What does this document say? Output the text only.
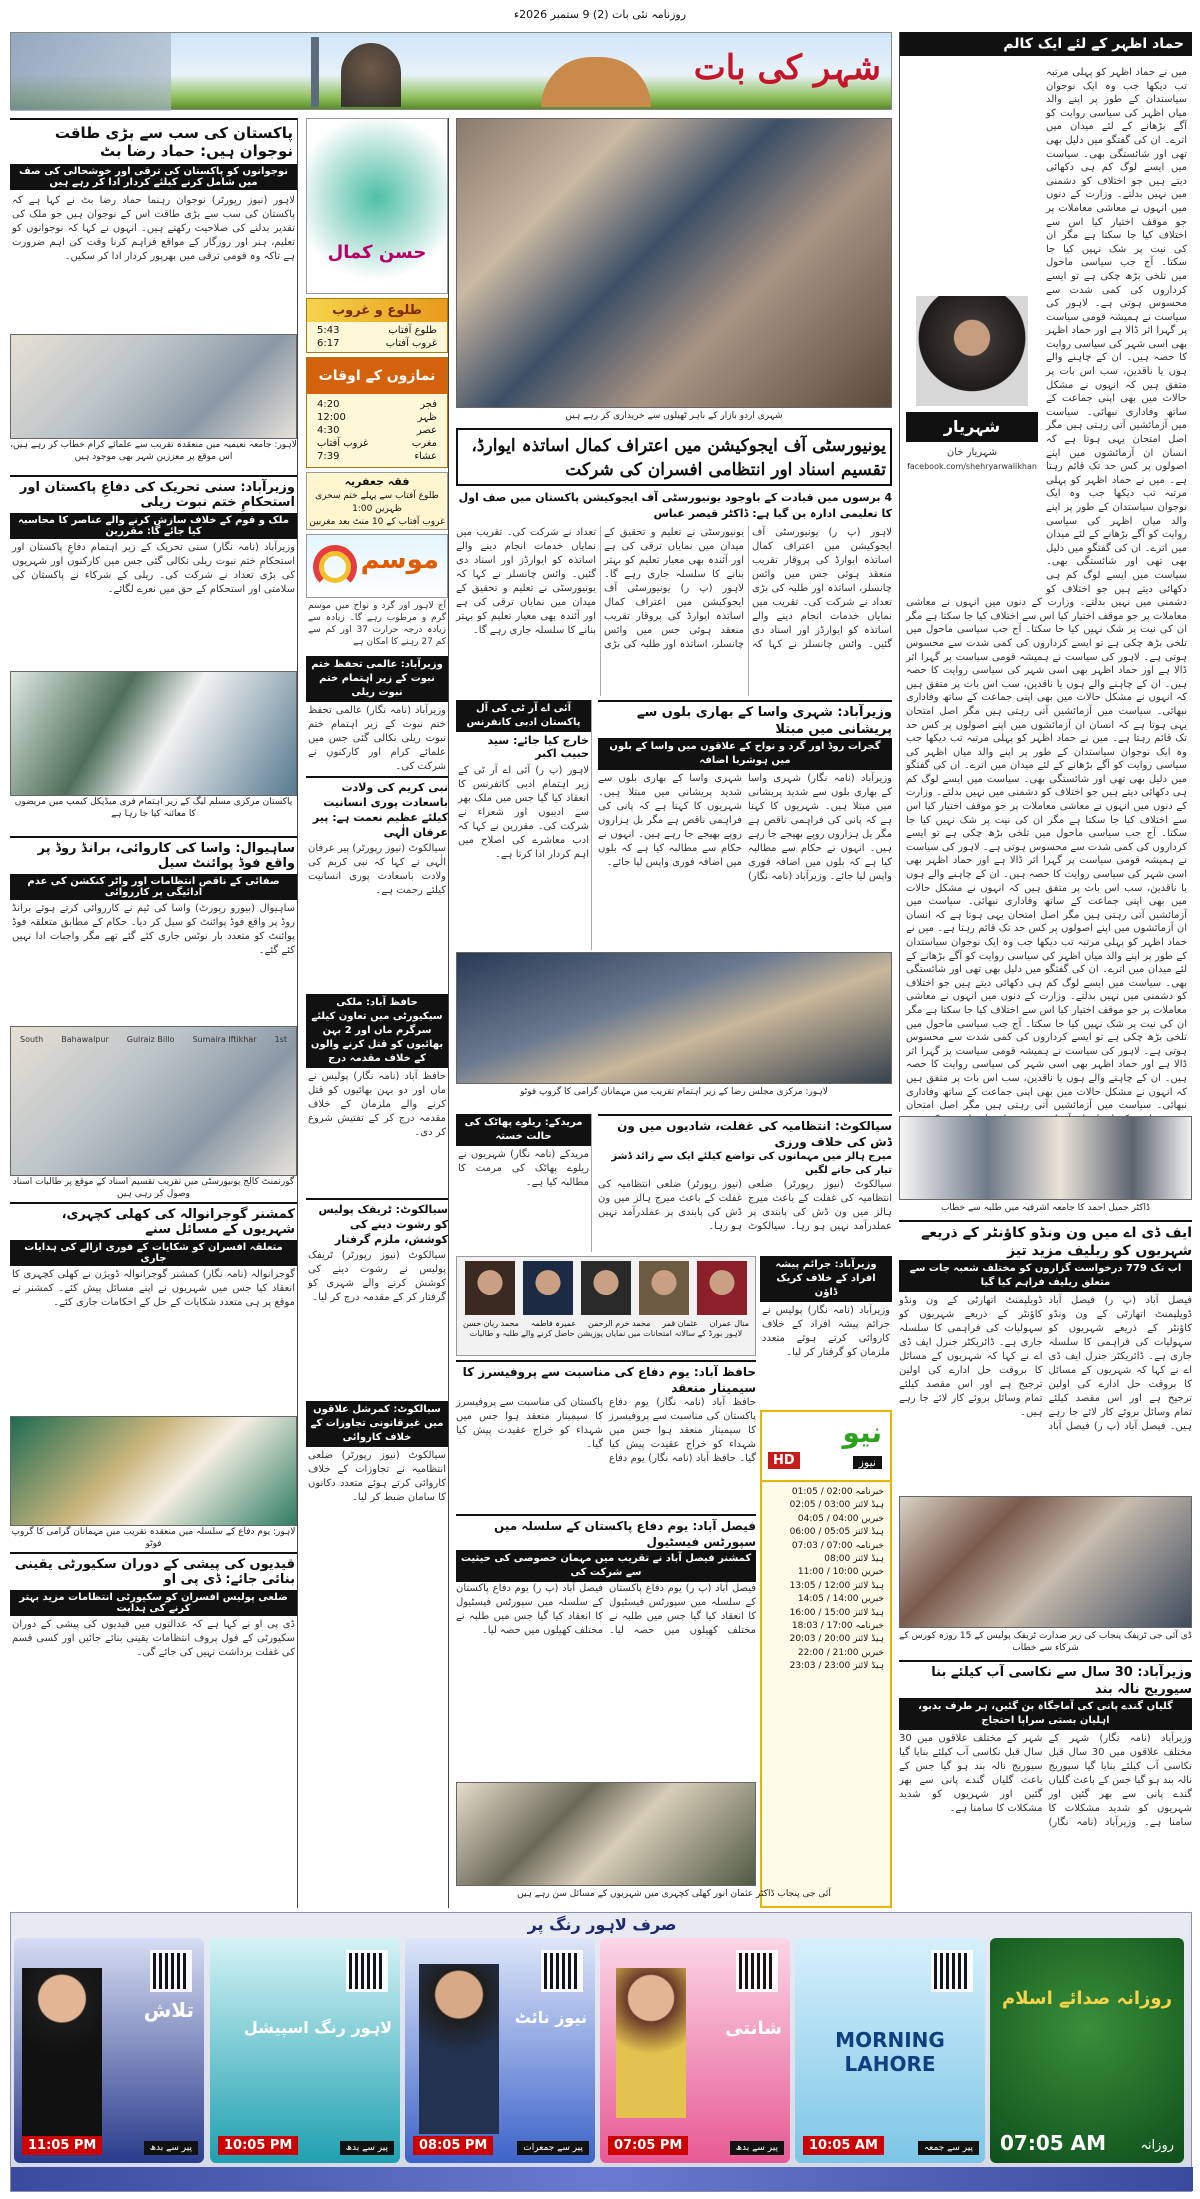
روزنامہ نئی بات (2) 9 ستمبر 2026ء
شہر کی بات
حماد اظہر کے لئے ایک کالم
شہریار
شہریار خان
facebook.com/shehryarwalikhan
میں نے حماد اظہر کو پہلی مرتبہ تب دیکھا جب وہ ایک نوجوان سیاستدان کے طور پر اپنے والد میاں اظہر کی سیاسی روایت کو آگے بڑھانے کے لئے میدان میں اترے۔ ان کی گفتگو میں دلیل بھی تھی اور شائستگی بھی۔ سیاست میں ایسے لوگ کم ہی دکھائی دیتے ہیں جو اختلاف کو دشمنی میں نہیں بدلتے۔ وزارت کے دنوں میں انہوں نے معاشی معاملات پر جو موقف اختیار کیا اس سے اختلاف کیا جا سکتا ہے مگر ان کی نیت پر شک نہیں کیا جا سکتا۔ آج جب سیاسی ماحول میں تلخی بڑھ چکی ہے تو ایسے کرداروں کی کمی شدت سے محسوس ہوتی ہے۔ لاہور کی سیاست نے ہمیشہ قومی سیاست پر گہرا اثر ڈالا ہے اور حماد اظہر بھی اسی شہر کی سیاسی روایت کا حصہ ہیں۔ ان کے چاہنے والے ہوں یا ناقدین، سب اس بات پر متفق ہیں کہ انہوں نے مشکل حالات میں بھی اپنی جماعت کے ساتھ وفاداری نبھائی۔ سیاست میں آزمائشیں آتی رہتی ہیں مگر اصل امتحان یہی ہوتا ہے کہ انسان ان آزمائشوں میں اپنے اصولوں پر کس حد تک قائم رہتا ہے۔ میں نے حماد اظہر کو پہلی مرتبہ تب دیکھا جب وہ ایک نوجوان سیاستدان کے طور پر اپنے والد میاں اظہر کی سیاسی روایت کو آگے بڑھانے کے لئے میدان میں اترے۔ ان کی گفتگو میں دلیل بھی تھی اور شائستگی بھی۔ سیاست میں ایسے لوگ کم ہی دکھائی دیتے ہیں جو اختلاف کو دشمنی میں نہیں بدلتے۔ وزارت کے دنوں میں انہوں نے معاشی معاملات پر جو موقف اختیار کیا اس سے اختلاف کیا جا سکتا ہے مگر ان کی نیت پر شک نہیں کیا جا سکتا۔ آج جب سیاسی ماحول میں تلخی بڑھ چکی ہے تو ایسے کرداروں کی کمی شدت سے محسوس ہوتی ہے۔ لاہور کی سیاست نے ہمیشہ قومی سیاست پر گہرا اثر ڈالا ہے اور حماد اظہر بھی اسی شہر کی سیاسی روایت کا حصہ ہیں۔ ان کے چاہنے والے ہوں یا ناقدین، سب اس بات پر متفق ہیں کہ انہوں نے مشکل حالات میں بھی اپنی جماعت کے ساتھ وفاداری نبھائی۔ سیاست میں آزمائشیں آتی رہتی ہیں مگر اصل امتحان یہی ہوتا ہے کہ انسان ان آزمائشوں میں اپنے اصولوں پر کس حد تک قائم رہتا ہے۔ میں نے حماد اظہر کو پہلی مرتبہ تب دیکھا جب وہ ایک نوجوان سیاستدان کے طور پر اپنے والد میاں اظہر کی سیاسی روایت کو آگے بڑھانے کے لئے میدان میں اترے۔ ان کی گفتگو میں دلیل بھی تھی اور شائستگی بھی۔ سیاست میں ایسے لوگ کم ہی دکھائی دیتے ہیں جو اختلاف کو دشمنی میں نہیں بدلتے۔ وزارت کے دنوں میں انہوں نے معاشی معاملات پر جو موقف اختیار کیا اس سے اختلاف کیا جا سکتا ہے مگر ان کی نیت پر شک نہیں کیا جا سکتا۔ آج جب سیاسی ماحول میں تلخی بڑھ چکی ہے تو ایسے کرداروں کی کمی شدت سے محسوس ہوتی ہے۔ لاہور کی سیاست نے ہمیشہ قومی سیاست پر گہرا اثر ڈالا ہے اور حماد اظہر بھی اسی شہر کی سیاسی روایت کا حصہ ہیں۔ ان کے چاہنے والے ہوں یا ناقدین، سب اس بات پر متفق ہیں کہ انہوں نے مشکل حالات میں بھی اپنی جماعت کے ساتھ وفاداری نبھائی۔ سیاست میں آزمائشیں آتی رہتی ہیں مگر اصل امتحان یہی ہوتا ہے کہ انسان ان آزمائشوں میں اپنے اصولوں پر کس حد تک قائم رہتا ہے۔ میں نے حماد اظہر کو پہلی مرتبہ تب دیکھا جب وہ ایک نوجوان سیاستدان کے طور پر اپنے والد میاں اظہر کی سیاسی روایت کو آگے بڑھانے کے لئے میدان میں اترے۔ ان کی گفتگو میں دلیل بھی تھی اور شائستگی بھی۔ سیاست میں ایسے لوگ کم ہی دکھائی دیتے ہیں جو اختلاف کو دشمنی میں نہیں بدلتے۔ وزارت کے دنوں میں انہوں نے معاشی معاملات پر جو موقف اختیار کیا اس سے اختلاف کیا جا سکتا ہے مگر ان کی نیت پر شک نہیں کیا جا سکتا۔ آج جب سیاسی ماحول میں تلخی بڑھ چکی ہے تو ایسے کرداروں کی کمی شدت سے محسوس ہوتی ہے۔ لاہور کی سیاست نے ہمیشہ قومی سیاست پر گہرا اثر ڈالا ہے اور حماد اظہر بھی اسی شہر کی سیاسی روایت کا حصہ ہیں۔ ان کے چاہنے والے ہوں یا ناقدین، سب اس بات پر متفق ہیں کہ انہوں نے مشکل حالات میں بھی اپنی جماعت کے ساتھ وفاداری نبھائی۔ سیاست میں آزمائشیں آتی رہتی ہیں مگر اصل امتحان
پاکستان کی سب سے بڑی طاقت نوجوان ہیں: حماد رضا بٹ
نوجوانوں کو پاکستان کی ترقی اور خوشحالی کی صف میں شامل کرنے کیلئے کردار ادا کر رہے ہیں
لاہور (نیوز رپورٹر) نوجوان رہنما حماد رضا بٹ نے کہا ہے کہ پاکستان کی سب سے بڑی طاقت اس کے نوجوان ہیں جو ملک کی تقدیر بدلنے کی صلاحیت رکھتے ہیں۔ انہوں نے کہا کہ نوجوانوں کو تعلیم، ہنر اور روزگار کے مواقع فراہم کرنا وقت کی اہم ضرورت ہے تاکہ وہ قومی ترقی میں بھرپور کردار ادا کر سکیں۔
لاہور: جامعہ نعیمیہ میں منعقدہ تقریب سے علمائے کرام خطاب کر رہے ہیں، اس موقع پر معززین شہر بھی موجود ہیں
وزیرآباد: سنی تحریک کی دفاعِ پاکستان اور استحکامِ ختم نبوت ریلی
ملک و قوم کے خلاف سازش کرنے والے عناصر کا محاسبہ کیا جائے گا: مقررین
وزیرآباد (نامہ نگار) سنی تحریک کے زیر اہتمام دفاعِ پاکستان اور استحکامِ ختم نبوت ریلی نکالی گئی جس میں کارکنوں اور شہریوں کی بڑی تعداد نے شرکت کی۔ ریلی کے شرکاء نے پاکستان کی سلامتی اور استحکام کے حق میں نعرے لگائے۔
پاکستان مرکزی مسلم لیگ کے زیر اہتمام فری میڈیکل کیمپ میں مریضوں کا معائنہ کیا جا رہا ہے
ساہیوال: واسا کی کاروائی، برانڈ روڈ پر واقع فوڈ پوائنٹ سیل
صفائی کے ناقص انتظامات اور واٹر کنکشن کی عدم ادائیگی پر کارروائی
ساہیوال (بیورو رپورٹ) واسا کی ٹیم نے کارروائی کرتے ہوئے برانڈ روڈ پر واقع فوڈ پوائنٹ کو سیل کر دیا۔ حکام کے مطابق متعلقہ فوڈ پوائنٹ کو متعدد بار نوٹس جاری کئے گئے تھے مگر واجبات ادا نہیں کئے گئے۔
South Bahawalpur Gulraiz Billo Sumaira Iftikhar 1st
گورنمنٹ کالج یونیورسٹی میں تقریب تقسیم اسناد کے موقع پر طالبات اسناد وصول کر رہی ہیں
کمشنر گوجرانوالہ کی کھلی کچہری، شہریوں کے مسائل سنے
متعلقہ افسران کو شکایات کے فوری ازالے کی ہدایات جاری
گوجرانوالہ (نامہ نگار) کمشنر گوجرانوالہ ڈویژن نے کھلی کچہری کا انعقاد کیا جس میں شہریوں نے اپنے مسائل پیش کئے۔ کمشنر نے موقع پر ہی متعدد شکایات کے حل کے احکامات جاری کئے۔
لاہور: یوم دفاع کے سلسلہ میں منعقدہ تقریب میں مہمانان گرامی کا گروپ فوٹو
قیدیوں کی پیشی کے دوران سکیورٹی یقینی بنائی جائے: ڈی پی او
ضلعی پولیس افسران کو سکیورٹی انتظامات مزید بہتر کرنے کی ہدایت
ڈی پی او نے کہا ہے کہ عدالتوں میں قیدیوں کی پیشی کے دوران سکیورٹی کے فول پروف انتظامات یقینی بنائے جائیں اور کسی قسم کی غفلت برداشت نہیں کی جائے گی۔
حسن کمال
طلوع و غروب
طلوع آفتاب
5:43
غروب آفتاب
6:17
نمازوں کے اوقات
فجر
4:20
ظہر
12:00
عصر
4:30
مغرب
غروب آفتاب
عشاء
7:39
فقہ جعفریہ
طلوع آفتاب سے پہلے ختم سحری
ظہرین 1:00
غروب آفتاب کے 10 منٹ بعد مغربین
موسم
آج لاہور اور گرد و نواح میں موسم گرم و مرطوب رہے گا۔ زیادہ سے زیادہ درجہ حرارت 37 اور کم سے کم 27 رہنے کا امکان ہے
وزیرآباد: عالمی تحفظ ختم نبوت کے زیر اہتمام ختم نبوت ریلی
وزیرآباد (نامہ نگار) عالمی تحفظ ختم نبوت کے زیر اہتمام ختم نبوت ریلی نکالی گئی جس میں علمائے کرام اور کارکنوں نے شرکت کی۔
نبی کریم کی ولادت باسعادت پوری انسانیت کیلئے عظیم نعمت ہے: پیر عرفان الٰہی
سیالکوٹ (نیوز رپورٹر) پیر عرفان الٰہی نے کہا کہ نبی کریم کی ولادت باسعادت پوری انسانیت کیلئے رحمت ہے۔
حافظ آباد: ملکی سیکیورٹی میں تعاون کیلئے سرگرم ماں اور 2 بہن بھائیوں کو قتل کرنے والوں کے خلاف مقدمہ درج
حافظ آباد (نامہ نگار) پولیس نے ماں اور دو بہن بھائیوں کو قتل کرنے والے ملزمان کے خلاف مقدمہ درج کر کے تفتیش شروع کر دی۔
سیالکوٹ: ٹریفک پولیس کو رشوت دینے کی کوشش، ملزم گرفتار
سیالکوٹ (نیوز رپورٹر) ٹریفک پولیس نے رشوت دینے کی کوشش کرنے والے شہری کو گرفتار کر کے مقدمہ درج کر لیا۔
سیالکوٹ: کمرشل علاقوں میں غیرقانونی تجاوزات کے خلاف کاروائی
سیالکوٹ (نیوز رپورٹر) ضلعی انتظامیہ نے تجاوزات کے خلاف کاروائی کرتے ہوئے متعدد دکانوں کا سامان ضبط کر لیا۔
شہری اردو بازار کے باہر ٹھیلوں سے خریداری کر رہے ہیں
یونیورسٹی آف ایجوکیشن میں اعتراف کمال اساتذہ ایوارڈ، تقسیم اسناد اور انتظامی افسران کی شرکت
4 برسوں میں قیادت کے باوجود یونیورسٹی آف ایجوکیشن پاکستان میں صف اول کا تعلیمی ادارہ بن گیا ہے: ڈاکٹر قیصر عباس
لاہور (پ ر) یونیورسٹی آف ایجوکیشن میں اعتراف کمال اساتذہ ایوارڈ کی پروقار تقریب منعقد ہوئی جس میں وائس چانسلر، اساتذہ اور طلبہ کی بڑی تعداد نے شرکت کی۔ تقریب میں نمایاں خدمات انجام دینے والے اساتذہ کو ایوارڈز اور اسناد دی گئیں۔ وائس چانسلر نے کہا کہ یونیورسٹی نے تعلیم و تحقیق کے میدان میں نمایاں ترقی کی ہے اور آئندہ بھی معیار تعلیم کو بہتر بنانے کا سلسلہ جاری رہے گا۔ لاہور (پ ر) یونیورسٹی آف ایجوکیشن میں اعتراف کمال اساتذہ ایوارڈ کی پروقار تقریب منعقد ہوئی جس میں وائس چانسلر، اساتذہ اور طلبہ کی بڑی تعداد نے شرکت کی۔ تقریب میں نمایاں خدمات انجام دینے والے اساتذہ کو ایوارڈز اور اسناد دی گئیں۔ وائس چانسلر نے کہا کہ یونیورسٹی نے تعلیم و تحقیق کے میدان میں نمایاں ترقی کی ہے اور آئندہ بھی معیار تعلیم کو بہتر بنانے کا سلسلہ جاری رہے گا۔
وزیرآباد: شہری واسا کے بھاری بلوں سے پریشانی میں مبتلا
گجرات روڈ اور گرد و نواح کے علاقوں میں واسا کے بلوں میں ہوشربا اضافہ
وزیرآباد (نامہ نگار) شہری واسا کے بھاری بلوں سے شدید پریشانی میں مبتلا ہیں۔ شہریوں کا کہنا ہے کہ پانی کی فراہمی ناقص ہے مگر بل ہزاروں روپے بھیجے جا رہے ہیں۔ انہوں نے حکام سے مطالبہ کیا ہے کہ بلوں میں اضافہ فوری واپس لیا جائے۔ وزیرآباد (نامہ نگار) شہری واسا کے بھاری بلوں سے شدید پریشانی میں مبتلا ہیں۔ شہریوں کا کہنا ہے کہ پانی کی فراہمی ناقص ہے مگر بل ہزاروں روپے بھیجے جا رہے ہیں۔ انہوں نے حکام سے مطالبہ کیا ہے کہ بلوں میں اضافہ فوری واپس لیا جائے۔
آئی اے آر ٹی کی آل پاکستان ادبی کانفرنس
خارج کیا جائے: سید حبیب اکبر
لاہور (پ ر) آئی اے آر ٹی کے زیر اہتمام ادبی کانفرنس کا انعقاد کیا گیا جس میں ملک بھر سے ادیبوں اور شعراء نے شرکت کی۔ مقررین نے کہا کہ ادب معاشرے کی اصلاح میں اہم کردار ادا کرتا ہے۔
لاہور: مرکزی مجلس رضا کے زیر اہتمام تقریب میں مہمانان گرامی کا گروپ فوٹو
سیالکوٹ: انتظامیہ کی غفلت، شادیوں میں ون ڈش کی خلاف ورزی
میرج ہالز میں مہمانوں کی تواضع کیلئے ایک سے زائد ڈشز تیار کی جانے لگیں
سیالکوٹ (نیوز رپورٹر) ضلعی انتظامیہ کی غفلت کے باعث میرج ہالز میں ون ڈش کی پابندی پر عملدرآمد نہیں ہو رہا۔ سیالکوٹ (نیوز رپورٹر) ضلعی انتظامیہ کی غفلت کے باعث میرج ہالز میں ون ڈش کی پابندی پر عملدرآمد نہیں ہو رہا۔
مریدکے: ریلوے پھاٹک کی حالت خستہ
مریدکے (نامہ نگار) شہریوں نے ریلوے پھاٹک کی مرمت کا مطالبہ کیا ہے۔
منال عمران
عثمان قمر
محمد خرم الرحمن
عمیرہ فاطمہ
محمد ریان حسن
لاہور بورڈ کے سالانہ امتحانات میں نمایاں پوزیشن حاصل کرنے والے طلبہ و طالبات
وزیرآباد: جرائم پیشہ افراد کے خلاف کریک ڈاؤن
وزیرآباد (نامہ نگار) پولیس نے جرائم پیشہ افراد کے خلاف کاروائی کرتے ہوئے متعدد ملزمان کو گرفتار کر لیا۔
حافظ آباد: یوم دفاع کی مناسبت سے پروفیسرز کا سیمینار منعقد
حافظ آباد (نامہ نگار) یوم دفاع پاکستان کی مناسبت سے پروفیسرز کا سیمینار منعقد ہوا جس میں شہداء کو خراج عقیدت پیش کیا گیا۔ حافظ آباد (نامہ نگار) یوم دفاع پاکستان کی مناسبت سے پروفیسرز کا سیمینار منعقد ہوا جس میں شہداء کو خراج عقیدت پیش کیا گیا۔	نیو
نیوز
HD
خبرنامہ 02:00 / 01:05
ہیڈ لائنز 03:00 / 02:05
خبریں 04:00 / 04:05
ہیڈ لائنز 05:05 / 06:00
خبرنامہ 07:00 / 07:03
ہیڈ لائنز 08:00
خبریں 10:00 / 11:00
ہیڈ لائنز 12:00 / 13:05
خبریں 14:00 / 14:05
ہیڈ لائنز 15:00 / 16:00
خبرنامہ 17:00 / 18:03
ہیڈ لائنز 20:00 / 20:03
خبریں 21:00 / 22:00
ہیڈ لائنز 23:00 / 23:03
فیصل آباد: یوم دفاع پاکستان کے سلسلہ میں سپورٹس فیسٹیول
کمشنر فیصل آباد نے تقریب میں مہمان خصوصی کی حیثیت سے شرکت کی
فیصل آباد (پ ر) یوم دفاع پاکستان کے سلسلہ میں سپورٹس فیسٹیول کا انعقاد کیا گیا جس میں طلبہ نے مختلف کھیلوں میں حصہ لیا۔ فیصل آباد (پ ر) یوم دفاع پاکستان کے سلسلہ میں سپورٹس فیسٹیول کا انعقاد کیا گیا جس میں طلبہ نے مختلف کھیلوں میں حصہ لیا۔
آئی جی پنجاب ڈاکٹر عثمان انور کھلی کچہری میں شہریوں کے مسائل سن رہے ہیں
ڈاکٹر جمیل احمد کا جامعہ اشرفیہ میں طلبہ سے خطاب
ایف ڈی اے میں ون ونڈو کاؤنٹر کے ذریعے شہریوں کو ریلیف مزید تیز
اب تک 779 درخواست گزاروں کو مختلف شعبہ جات سے متعلق ریلیف فراہم کیا گیا
فیصل آباد (پ ر) فیصل آباد ڈویلپمنٹ اتھارٹی کے ون ونڈو کاؤنٹر کے ذریعے شہریوں کو سہولیات کی فراہمی کا سلسلہ جاری ہے۔ ڈائریکٹر جنرل ایف ڈی اے نے کہا کہ شہریوں کے مسائل کا بروقت حل ادارے کی اولین ترجیح ہے اور اس مقصد کیلئے تمام وسائل بروئے کار لائے جا رہے ہیں۔ فیصل آباد (پ ر) فیصل آباد ڈویلپمنٹ اتھارٹی کے ون ونڈو کاؤنٹر کے ذریعے شہریوں کو سہولیات کی فراہمی کا سلسلہ جاری ہے۔ ڈائریکٹر جنرل ایف ڈی اے نے کہا کہ شہریوں کے مسائل کا بروقت حل ادارے کی اولین ترجیح ہے اور اس مقصد کیلئے تمام وسائل بروئے کار لائے جا رہے ہیں۔
ڈی آئی جی ٹریفک پنجاب کی زیر صدارت ٹریفک پولیس کے 15 روزہ کورس کے شرکاء سے خطاب
وزیرآباد: 30 سال سے نکاسی آب کیلئے بنا سیوریج نالہ بند
گلیاں گندے پانی کی آماجگاہ بن گئیں، ہر طرف بدبو، اہلیان بستی سراپا احتجاج
وزیرآباد (نامہ نگار) شہر کے مختلف علاقوں میں 30 سال قبل نکاسی آب کیلئے بنایا گیا سیوریج نالہ بند ہو گیا جس کے باعث گلیاں گندے پانی سے بھر گئیں اور شہریوں کو شدید مشکلات کا سامنا ہے۔ وزیرآباد (نامہ نگار) شہر کے مختلف علاقوں میں 30 سال قبل نکاسی آب کیلئے بنایا گیا سیوریج نالہ بند ہو گیا جس کے باعث گلیاں گندے پانی سے بھر گئیں اور شہریوں کو شدید مشکلات کا سامنا ہے۔
صرف لاہور رنگ پر
روزانہ صدائے اسلام
روزانہ
07:05 AM
MORNING LAHORE
پیر سے جمعہ
10:05 AM
شانتی
پیر سے بدھ
07:05 PM
نیوز نائٹ
پیر سے جمعرات
08:05 PM
لاہور رنگ اسپیشل
پیر سے بدھ
10:05 PM
تلاش
پیر سے بدھ
11:05 PM
